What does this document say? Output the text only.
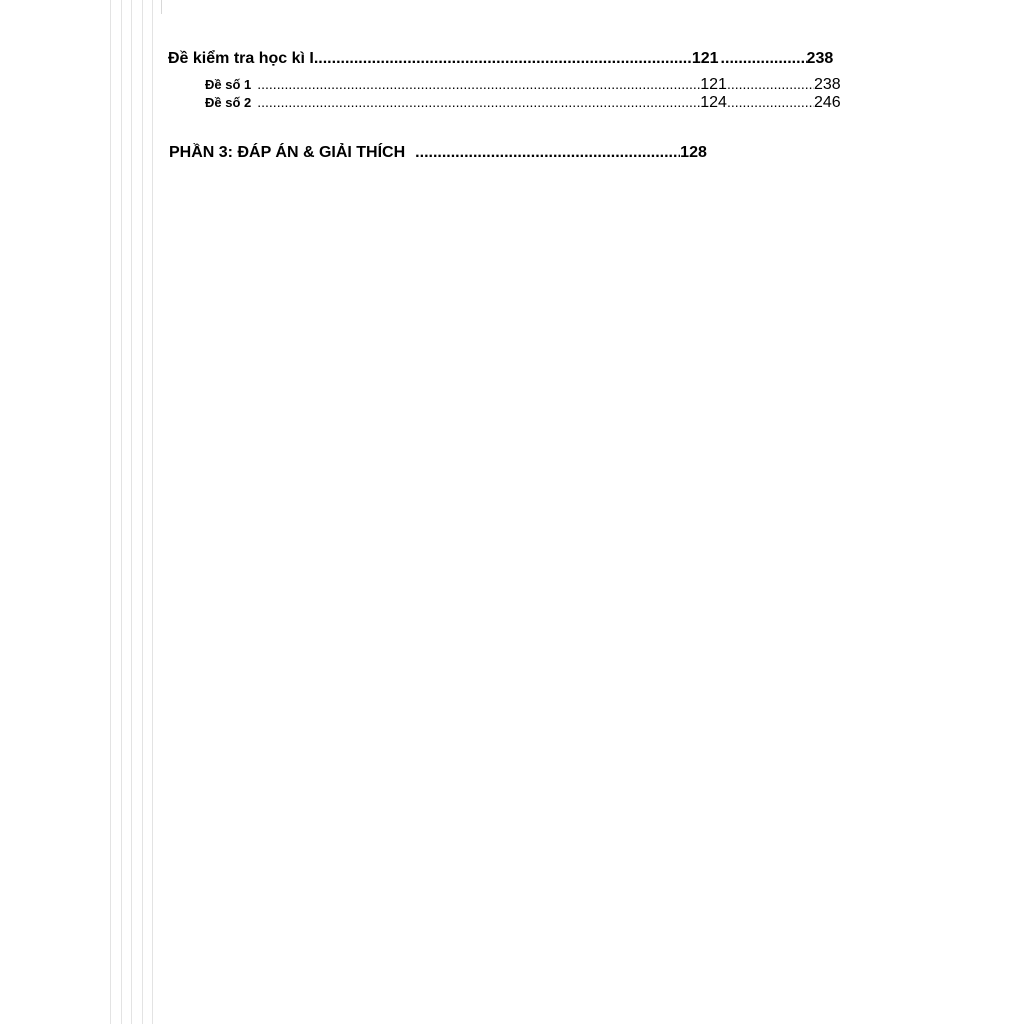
Đề kiểm tra học kì I .....	121 .....	238
Đề số 1 .....	121 .....	238
Đề số 2 .....	124 .....	246
PHẦN 3: ĐÁP ÁN & GIẢI THÍCH .....	128
